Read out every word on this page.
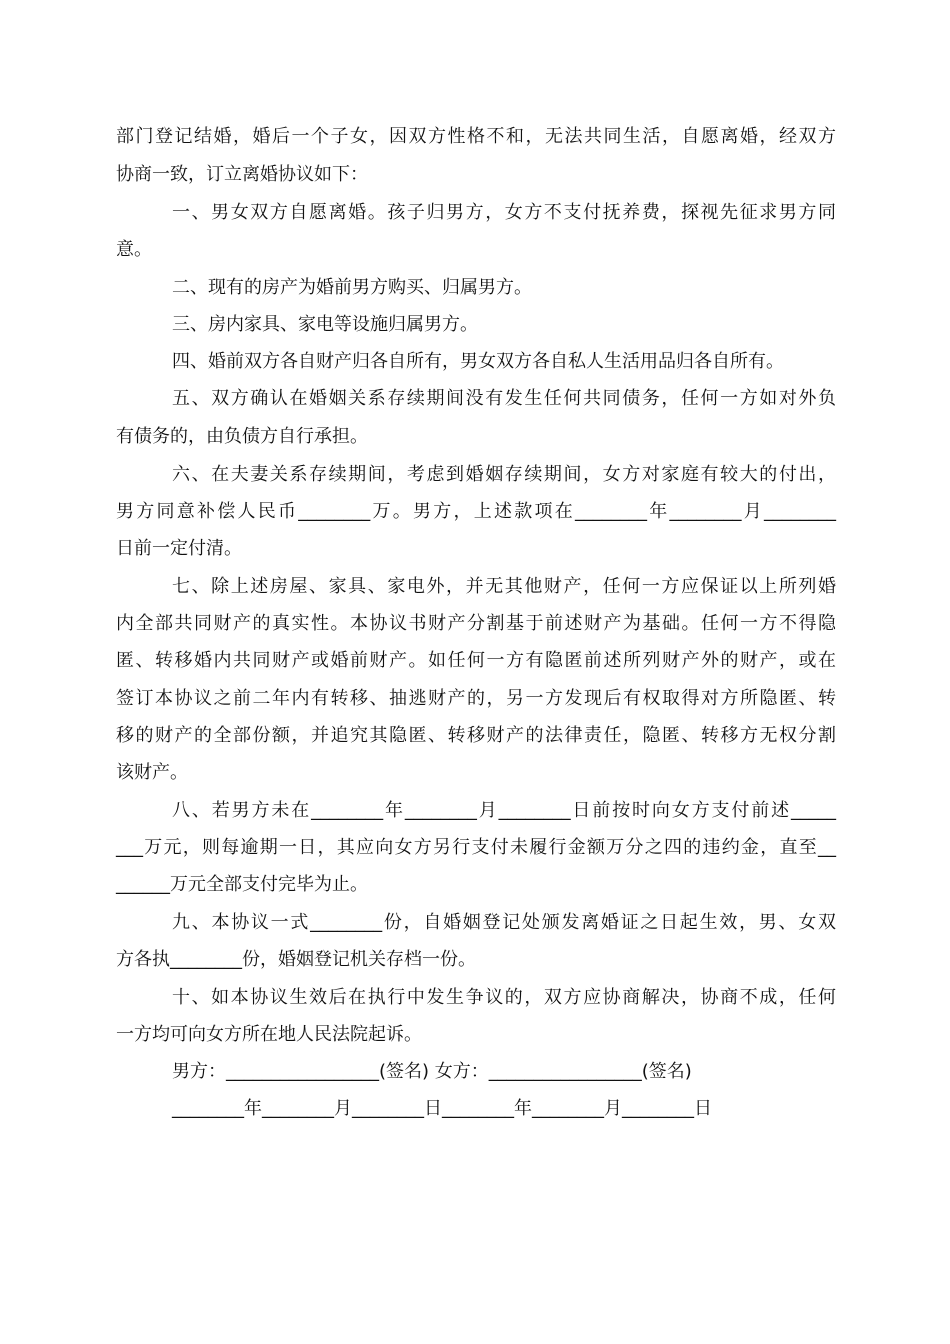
部门登记结婚，婚后一个子女，因双方性格不和，无法共同生活，自愿离婚，经双方
协商一致，订立离婚协议如下：
一、男女双方自愿离婚。孩子归男方，女方不支付抚养费，探视先征求男方同
意。
二、现有的房产为婚前男方购买、归属男方。
三、房内家具、家电等设施归属男方。
四、婚前双方各自财产归各自所有，男女双方各自私人生活用品归各自所有。
五、双方确认在婚姻关系存续期间没有发生任何共同债务，任何一方如对外负
有债务的，由负债方自行承担。
六、在夫妻关系存续期间，考虑到婚姻存续期间，女方对家庭有较大的付出，
男方同意补偿人民币________万。男方，上述款项在________年________月________
日前一定付清。
七、除上述房屋、家具、家电外，并无其他财产，任何一方应保证以上所列婚
内全部共同财产的真实性。本协议书财产分割基于前述财产为基础。任何一方不得隐
匿、转移婚内共同财产或婚前财产。如任何一方有隐匿前述所列财产外的财产，或在
签订本协议之前二年内有转移、抽逃财产的，另一方发现后有权取得对方所隐匿、转
移的财产的全部份额，并追究其隐匿、转移财产的法律责任，隐匿、转移方无权分割
该财产。
八、若男方未在________年________月________日前按时向女方支付前述_____
___万元，则每逾期一日，其应向女方另行支付未履行金额万分之四的违约金，直至__
______万元全部支付完毕为止。
九、本协议一式________份，自婚姻登记处颁发离婚证之日起生效，男、女双
方各执________份，婚姻登记机关存档一份。
十、如本协议生效后在执行中发生争议的，双方应协商解决，协商不成，任何
一方均可向女方所在地人民法院起诉。
男方：_________________(签名) 女方：_________________(签名)
________年________月________日________年________月________日
